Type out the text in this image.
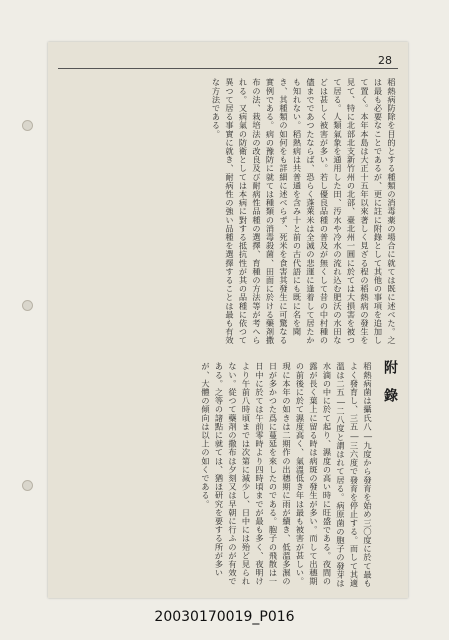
28
稻熱病防除を目的とする種類の消毒薬の場合に就ては既に述べた。之は最も必要なことであるが、更に註に附錄として其他の事項を追加して置く。本年本島は大正十五年以來著しく見ざる程の稻熱病の發生を見て、特に北部北支新竹州の北部、臺北州一圓に於ては大損害を被つて居る。人類氣象を通用した田、汚水や冷水の流れ込む肥沃の水田などは甚しく被害が多い。若し優良品種の普及が無くして昔の中村種の儘までであつたならば、恐らく蓬萊米は全滅の悲運に逢着して居たかも知れない。稻熱病は共普通を含み十と前の古代語にも既に名を聞き、其種類の如何をも詳細に述べらず、死米を食害其發生に可驚なる實例である。病の豫防に就ては種類の消毒殺菌、田面に於ける藥剤撒布の法、栽培法の改良及び耐病性品種の選擇、育種の方法等が考へられる。又病氣の防衛としては本病に對する抵抗性が其の品種に依つて異つて居る事實に就き、耐病性の強い品種を選擇することは最も有效な方法である。
附錄
稻熱病菌は攝氏八―九度から發育を始め三〇度に於て最もよく發育し、三五―三六度で發育を停止する。而して其適溫は二五―二八度と謂はれて居る。病原菌の胞子の發芽は水滴の中に於て起り、濕度の高い時に旺盛である。夜間の露が長く葉上に留る時は病斑の發生が多い。而して出穗期の前後に於て濕度高く、氣溫低き年は最も被害が甚しい。現に本年の如きは二期作の出穗期に雨が續き、低溫多濕の日が多かつた爲に蔓延を來したのである。胞子の飛散は一日中に於ては午前零時より四時頃までが最も多く、夜明けより午前八時頃までは次第に減少し、日中には殆ど見られない。從つて藥剤の撒布は夕刻又は早朝に行ふのが有效である。之等の諸點に就ては、猶ほ研究を要する所が多いが、大體の傾向は以上の如くである。
20030170019_P016
